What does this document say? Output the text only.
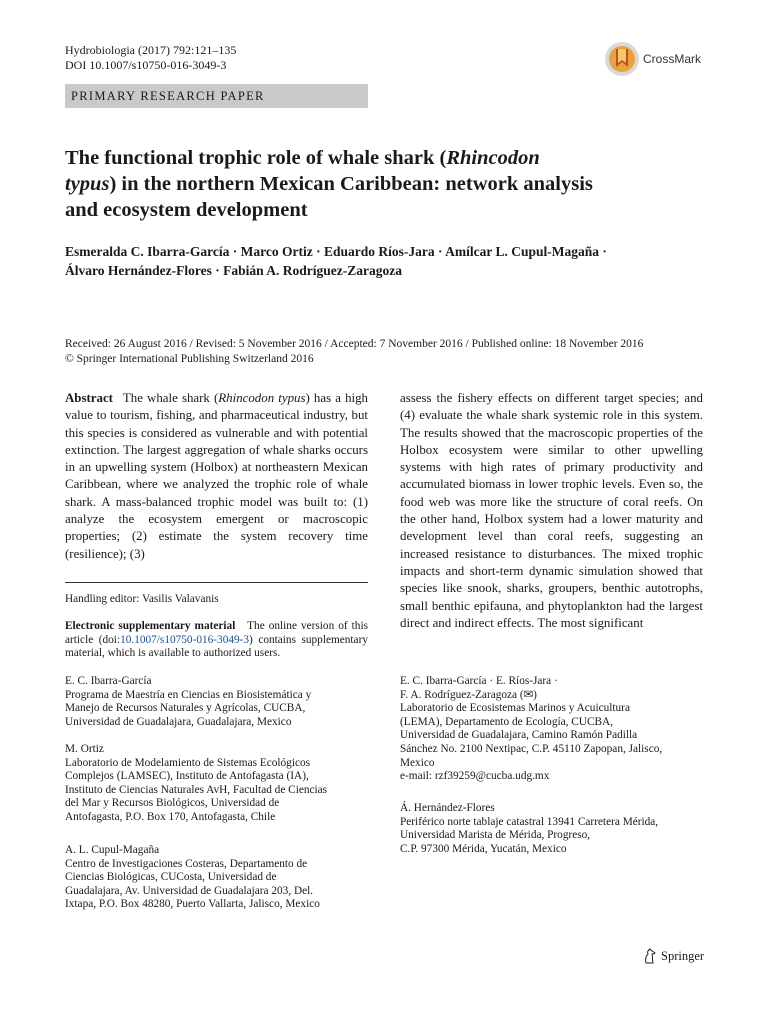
Hydrobiologia (2017) 792:121–135
DOI 10.1007/s10750-016-3049-3	CrossMark
PRIMARY RESEARCH PAPER
The functional trophic role of whale shark (Rhincodon
typus) in the northern Mexican Caribbean: network analysis
and ecosystem development
Esmeralda C. Ibarra-García · Marco Ortiz · Eduardo Ríos-Jara · Amílcar L. Cupul-Magaña ·
Álvaro Hernández-Flores · Fabián A. Rodríguez-Zaragoza
Received: 26 August 2016 / Revised: 5 November 2016 / Accepted: 7 November 2016 / Published online: 18 November 2016
© Springer International Publishing Switzerland 2016
Abstract The whale shark (Rhincodon typus) has a high value to tourism, fishing, and pharmaceutical industry, but this species is considered as vulnerable and with potential extinction. The largest aggregation of whale sharks occurs in an upwelling system (Holbox) at northeastern Mexican Caribbean, where we analyzed the trophic role of whale shark. A mass-balanced trophic model was built to: (1) analyze the ecosystem emergent or macroscopic properties; (2) estimate the system recovery time (resilience); (3)
assess the fishery effects on different target species; and (4) evaluate the whale shark systemic role in this system. The results showed that the macroscopic properties of the Holbox ecosystem were similar to other upwelling systems with high rates of primary productivity and accumulated biomass in lower trophic levels. Even so, the food web was more like the structure of coral reefs. On the other hand, Holbox system had a lower maturity and development level than coral reefs, suggesting an increased resistance to disturbances. The mixed trophic impacts and short-term dynamic simulation showed that species like snook, sharks, groupers, benthic autotrophs, small benthic epifauna, and phytoplankton had the largest direct and indirect effects. The most significant
Handling editor: Vasilis Valavanis
Electronic supplementary material The online version of this article (doi:10.1007/s10750-016-3049-3) contains supplementary material, which is available to authorized users.
E. C. Ibarra-García
Programa de Maestría en Ciencias en Biosistemática y
Manejo de Recursos Naturales y Agrícolas, CUCBA,
Universidad de Guadalajara, Guadalajara, Mexico
M. Ortiz
Laboratorio de Modelamiento de Sistemas Ecológicos
Complejos (LAMSEC), Instituto de Antofagasta (IA),
Instituto de Ciencias Naturales AvH, Facultad de Ciencias
del Mar y Recursos Biológicos, Universidad de
Antofagasta, P.O. Box 170, Antofagasta, Chile
A. L. Cupul-Magaña
Centro de Investigaciones Costeras, Departamento de
Ciencias Biológicas, CUCosta, Universidad de
Guadalajara, Av. Universidad de Guadalajara 203, Del.
Ixtapa, P.O. Box 48280, Puerto Vallarta, Jalisco, Mexico
E. C. Ibarra-García · E. Ríos-Jara ·
F. A. Rodríguez-Zaragoza (✉)
Laboratorio de Ecosistemas Marinos y Acuicultura
(LEMA), Departamento de Ecología, CUCBA,
Universidad de Guadalajara, Camino Ramón Padilla
Sánchez No. 2100 Nextipac, C.P. 45110 Zapopan, Jalisco,
Mexico
e-mail: rzf39259@cucba.udg.mx
Á. Hernández-Flores
Periférico norte tablaje catastral 13941 Carretera Mérida,
Universidad Marista de Mérida, Progreso,
C.P. 97300 Mérida, Yucatán, Mexico
Springer
